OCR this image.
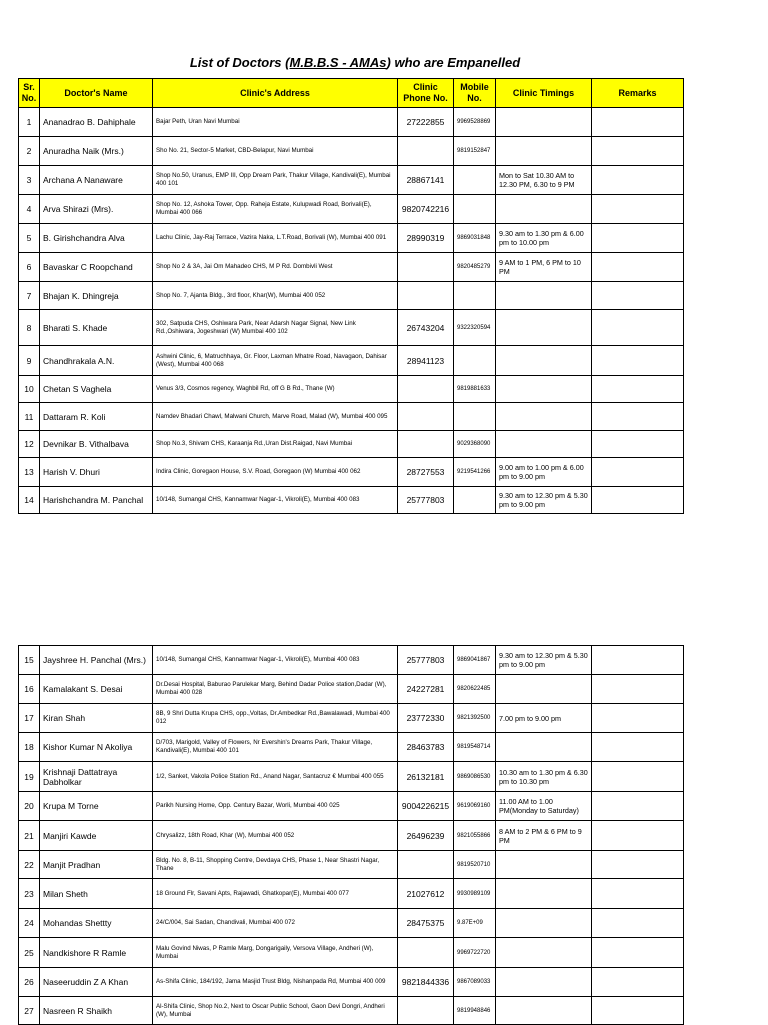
List of Doctors (M.B.B.S - AMAs) who are Empanelled
Sr. No.	Doctor's Name	Clinic's Address	Clinic Phone No.	Mobile No.	Clinic Timings	Remarks
1	Ananadrao B. Dahiphale	Bajar Peth, Uran Navi Mumbai	27222855	9969528869		
2	Anuradha Naik (Mrs.)	Sho No. 21, Sector-5 Market, CBD-Belapur, Navi Mumbai		9819152847		
3	Archana A Nanaware	Shop No.50, Uranus, EMP III, Opp Dream Park, Thakur Village, Kandivali(E), Mumbai 400 101	28867141		Mon to Sat 10.30 AM to 12.30 PM, 6.30 to 9 PM	
4	Arva Shirazi (Mrs).	Shop No. 12, Ashoka Tower, Opp. Raheja Estate, Kulupwadi Road, Borivali(E), Mumbai 400 066	9820742216			
5	B. Girishchandra Alva	Lachu Clinic, Jay-Raj Terrace, Vazira Naka, L.T.Road, Borivali (W), Mumbai 400 091	28990319	9869031848	9.30 am to 1.30 pm & 6.00 pm to 10.00 pm	
6	Bavaskar C Roopchand	Shop No 2 & 3A, Jai Om Mahadeo CHS, M P Rd. Dombivli West		9820485279	9 AM to 1 PM, 6 PM to 10 PM	
7	Bhajan K. Dhingreja	Shop No. 7, Ajanta Bldg., 3rd floor, Khar(W), Mumbai 400 052				
8	Bharati S. Khade	302, Satpuda CHS, Oshiwara Park, Near Adarsh Nagar Signal, New Link Rd.,Oshiwara, Jogeshwari (W) Mumbai 400 102	26743204	9322320594		
9	Chandhrakala A.N.	Ashwini Clinic, 6, Matruchhaya, Gr. Floor, Laxman Mhatre Road, Navagaon, Dahisar (West), Mumbai 400 068	28941123			
10	Chetan S Vaghela	Venus 3/3, Cosmos regency, Waghbil Rd, off G B Rd., Thane (W)		9819881633		
11	Dattaram R. Koli	Namdev Bhadari Chawl, Malwani Church, Marve Road, Malad (W), Mumbai 400 095				
12	Devnikar B. Vithalbava	Shop No.3, Shivam CHS, Karaanja Rd.,Uran Dist.Raigad, Navi Mumbai		9029368090		
13	Harish V. Dhuri	Indira Clinic, Goregaon House, S.V. Road, Goregaon (W) Mumbai 400 062	28727553	9219541266	9.00 am to 1.00 pm & 6.00 pm to 9.00 pm	
14	Harishchandra M. Panchal	10/148, Sumangal CHS, Kannamwar Nagar-1, Vikroli(E), Mumbai 400 083	25777803		9.30 am to 12.30 pm & 5.30 pm to 9.00 pm	
15	Jayshree H. Panchal (Mrs.)	10/148, Sumangal CHS, Kannamwar Nagar-1, Vikroli(E), Mumbai 400 083	25777803	9869041867	9.30 am to 12.30 pm & 5.30 pm to 9.00 pm	
16	Kamalakant S. Desai	Dr.Desai Hospital, Baburao Parulekar Marg, Behind Dadar Police station,Dadar (W), Mumbai 400 028	24227281	9820622485		
17	Kiran Shah	8B, 9 Shri Dutta Krupa CHS, opp.,Voltas, Dr.Ambedkar Rd.,Bawalawadi, Mumbai 400 012	23772330	9821392500	7.00 pm to 9.00 pm	
18	Kishor Kumar N Akoliya	D/703, Marigold, Valley of Flowers, Nr Evershin's Dreams Park, Thakur Village, Kandivali(E), Mumbai 400 101	28463783	9819548714		
19	Krishnaji Dattatraya Dabholkar	1/2, Sanket, Vakola Police Station Rd., Anand Nagar, Santacruz € Mumbai 400 055	26132181	9869086530	10.30 am to 1.30 pm & 6.30 pm to 10.30 pm	
20	Krupa M Torne	Parikh Nursing Home, Opp. Century Bazar, Worli, Mumbai 400 025	9004226215	9619069160	11.00 AM to 1.00 PM(Monday to Saturday)	
21	Manjiri Kawde	Chrysalizz, 18th Road, Khar (W), Mumbai 400 052	26496239	9821055866	8 AM to 2 PM & 6 PM to 9 PM	
22	Manjit Pradhan	Bldg. No. 8, B-11, Shopping Centre, Devdaya CHS, Phase 1, Near Shastri Nagar, Thane		9819520710		
23	Milan Sheth	18 Ground Flr, Savani Apts, Rajawadi, Ghatkopar(E), Mumbai 400 077	21027612	9930989109		
24	Mohandas Shettty	24/C/004, Sai Sadan, Chandivali, Mumbai 400 072	28475375	9.87E+09		
25	Nandkishore R Ramle	Malu Govind Niwas, P Ramle Marg, Dongarigaily, Versova Village, Andheri (W), Mumbai		9969722720		
26	Naseeruddin Z A Khan	As-Shifa Clinic, 184/192, Jama Masjid Trust Bldg, Nishanpada Rd, Mumbai 400 009	9821844336	9867089033		
27	Nasreen R Shaikh	Al-Shifa Clinic, Shop No.2, Next to Oscar Public School, Gaon Devi Dongri, Andheri (W), Mumbai		9819948846		
